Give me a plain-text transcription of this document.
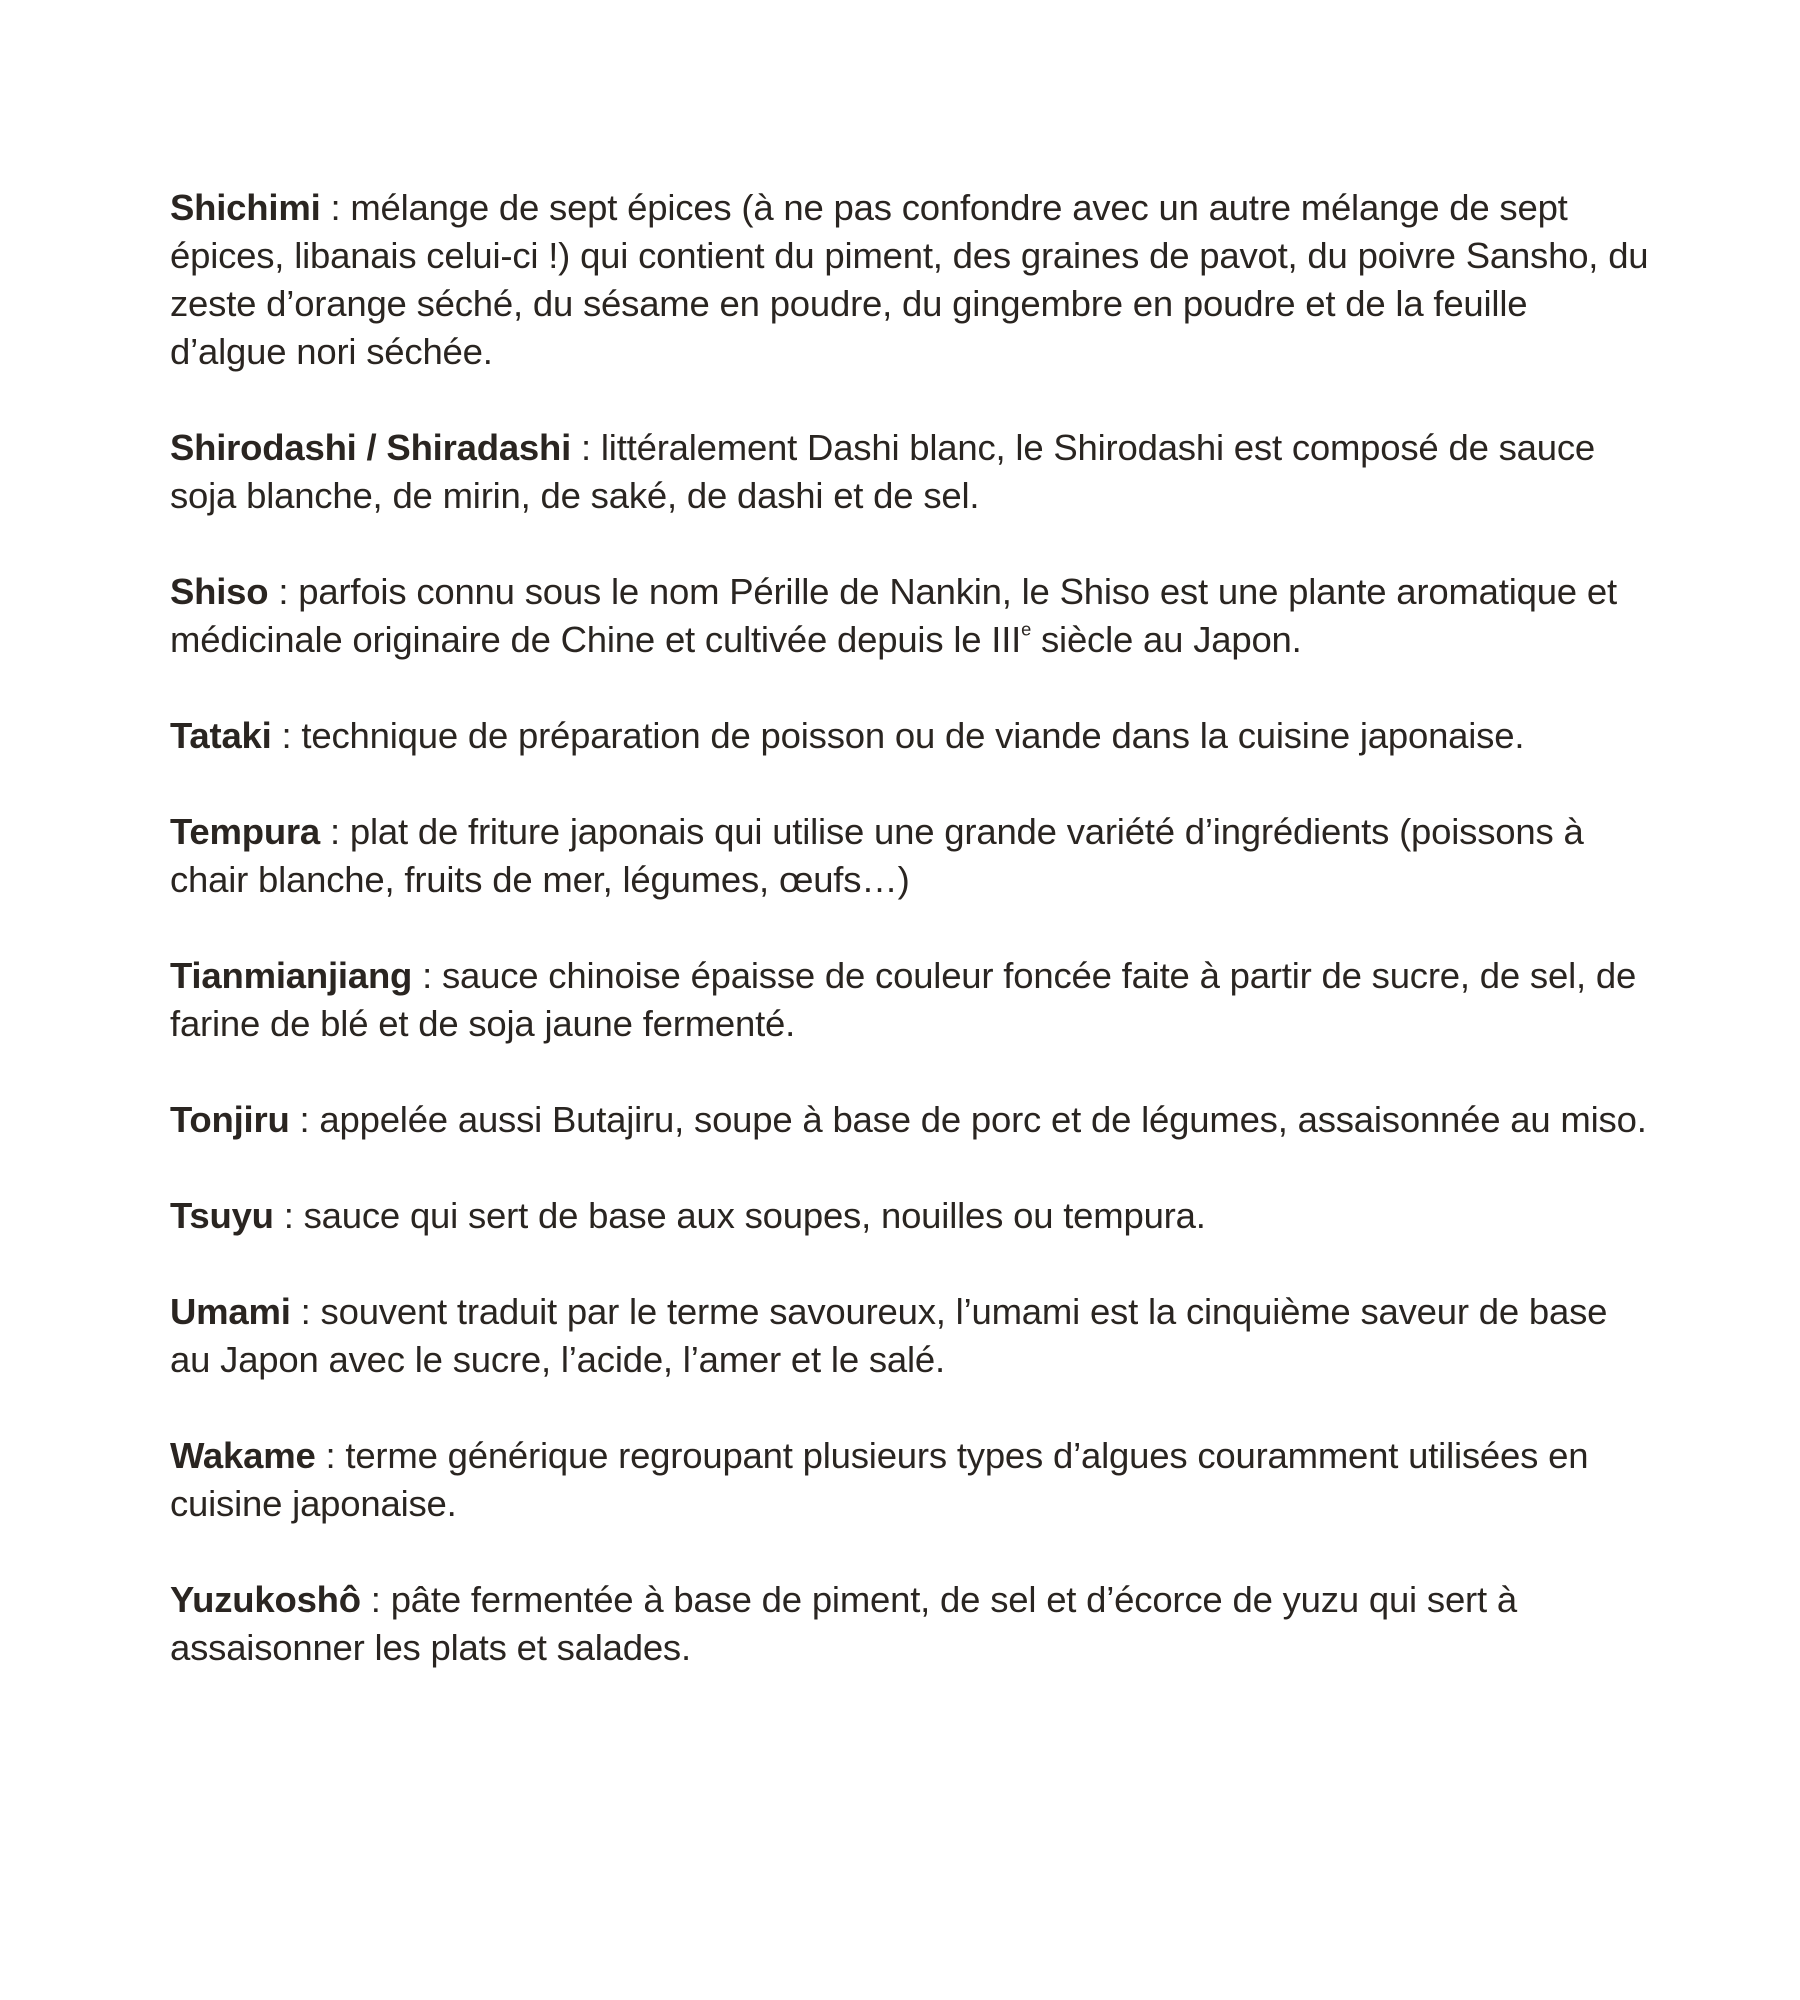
Shichimi : mélange de sept épices (à ne pas confondre avec un autre mélange de sept épices, libanais celui-ci !) qui contient du piment, des graines de pavot, du poivre Sansho, du zeste d’orange séché, du sésame en poudre, du gingembre en poudre et de la feuille d’algue nori séchée.

Shirodashi / Shiradashi : littéralement Dashi blanc, le Shirodashi est composé de sauce soja blanche, de mirin, de saké, de dashi et de sel.

Shiso : parfois connu sous le nom Pérille de Nankin, le Shiso est une plante aromatique et médicinale originaire de Chine et cultivée depuis le IIIe siècle au Japon.

Tataki : technique de préparation de poisson ou de viande dans la cuisine japonaise.

Tempura : plat de friture japonais qui utilise une grande variété d’ingrédients (poissons à chair blanche, fruits de mer, légumes, œufs…)

Tianmianjiang : sauce chinoise épaisse de couleur foncée faite à partir de sucre, de sel, de farine de blé et de soja jaune fermenté.

Tonjiru : appelée aussi Butajiru, soupe à base de porc et de légumes, assaisonnée au miso.

Tsuyu : sauce qui sert de base aux soupes, nouilles ou tempura.

Umami : souvent traduit par le terme savoureux, l’umami est la cinquième saveur de base au Japon avec le sucre, l’acide, l’amer et le salé.

Wakame : terme générique regroupant plusieurs types d’algues couramment utilisées en cuisine japonaise.

Yuzukoshô : pâte fermentée à base de piment, de sel et d’écorce de yuzu qui sert à assaisonner les plats et salades.
